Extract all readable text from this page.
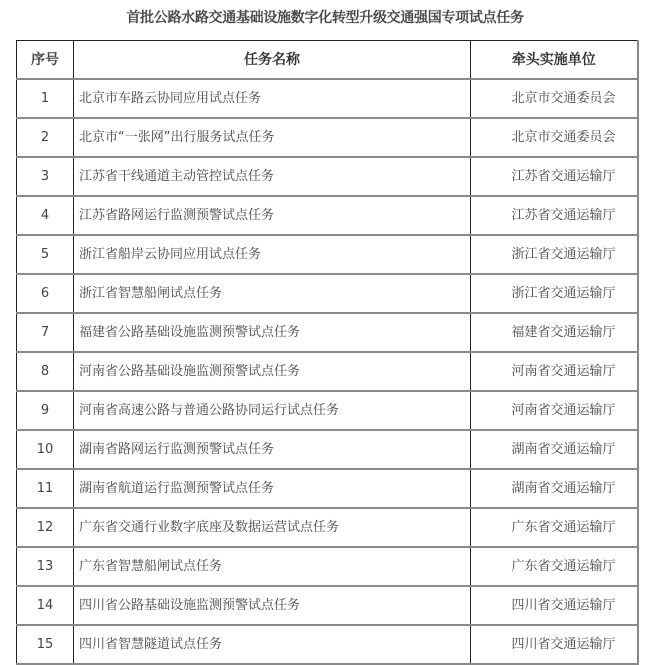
首批公路水路交通基础设施数字化转型升级交通强国专项试点任务
序号	任务名称	牵头实施单位
1	北京市车路云协同应用试点任务	北京市交通委员会
2	北京市“一张网”出行服务试点任务	北京市交通委员会
3	江苏省干线通道主动管控试点任务	江苏省交通运输厅
4	江苏省路网运行监测预警试点任务	江苏省交通运输厅
5	浙江省船岸云协同应用试点任务	浙江省交通运输厅
6	浙江省智慧船闸试点任务	浙江省交通运输厅
7	福建省公路基础设施监测预警试点任务	福建省交通运输厅
8	河南省公路基础设施监测预警试点任务	河南省交通运输厅
9	河南省高速公路与普通公路协同运行试点任务	河南省交通运输厅
10	湖南省路网运行监测预警试点任务	湖南省交通运输厅
11	湖南省航道运行监测预警试点任务	湖南省交通运输厅
12	广东省交通行业数字底座及数据运营试点任务	广东省交通运输厅
13	广东省智慧船闸试点任务	广东省交通运输厅
14	四川省公路基础设施监测预警试点任务	四川省交通运输厅
15	四川省智慧隧道试点任务	四川省交通运输厅
